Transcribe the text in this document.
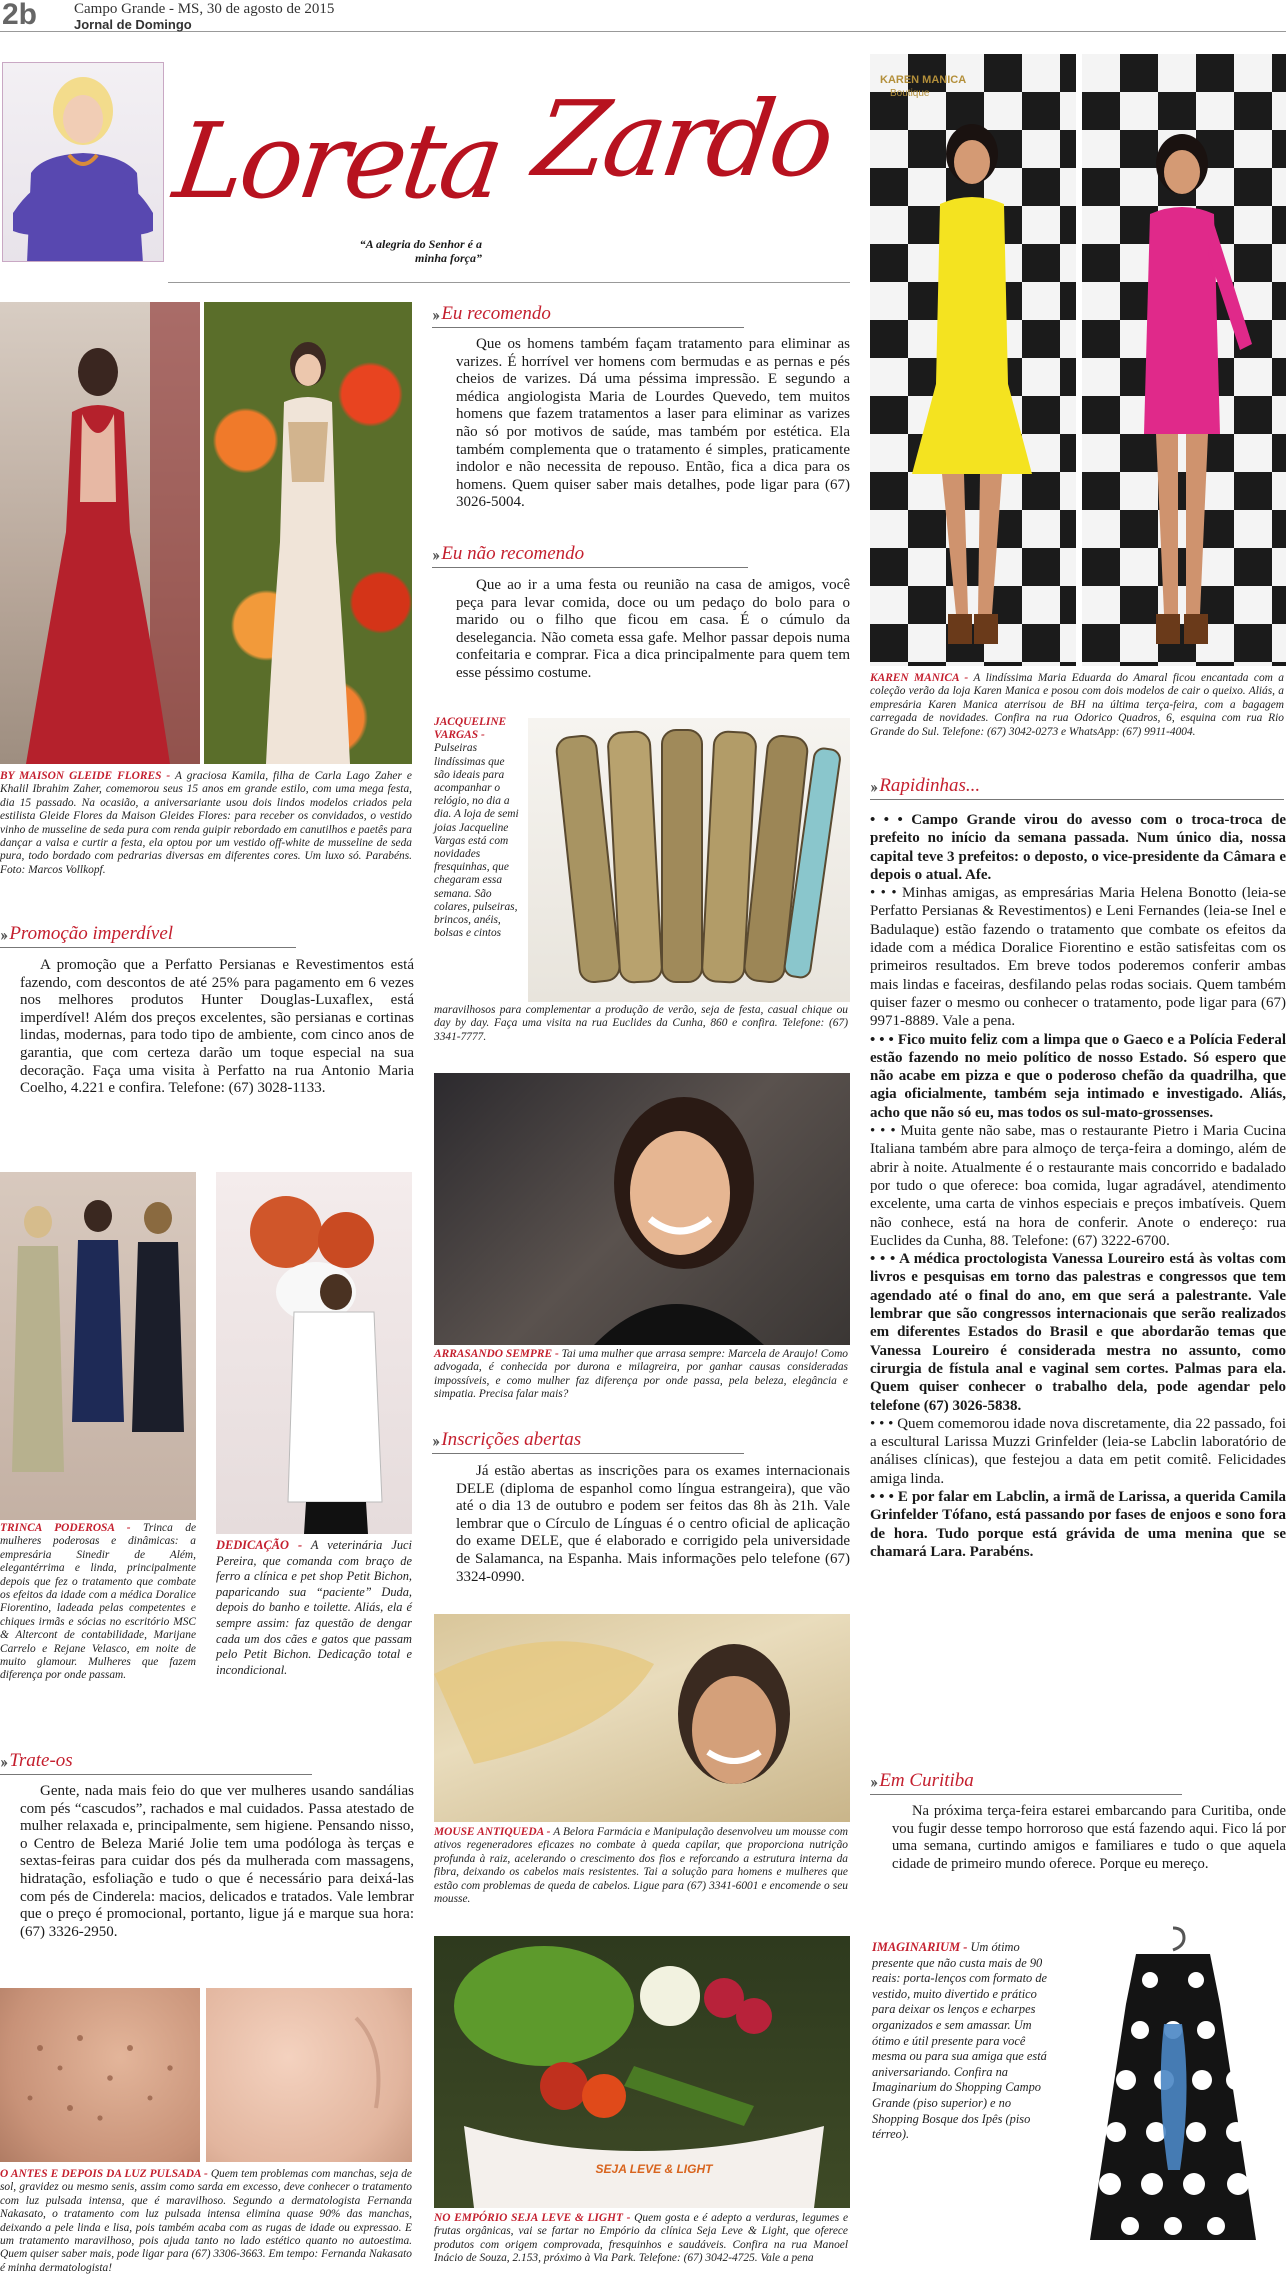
2b Campo Grande - MS, 30 de agosto de 2015
Jornal de Domingo
Loreta Zardo
“A alegria do Senhor é a
minha força”
BY MAISON GLEIDE FLORES - A graciosa Kamila, filha de Carla Lago Zaher e Khalil Ibrahim Zaher, comemorou seus 15 anos em grande estilo, com uma mega festa, dia 15 passado. Na ocasião, a aniversariante usou dois lindos modelos criados pela estilista Gleide Flores da Maison Gleides Flores: para receber os convidados, o vestido vinho de musseline de seda pura com renda guipir rebordado em canutilhos e paetês para dançar a valsa e curtir a festa, ela optou por um vestido off-white de musseline de seda pura, todo bordado com pedrarias diversas em diferentes cores. Um luxo só. Parabéns. Foto: Marcos Vollkopf.
›› Promoção imperdível

A promoção que a Perfatto Persianas e Revestimentos está fazendo, com descontos de até 25% para pagamento em 6 vezes nos melhores produtos Hunter Douglas-Luxaflex, está imperdível! Além dos preços excelentes, são persianas e cortinas lindas, modernas, para todo tipo de ambiente, com cinco anos de garantia, que com certeza darão um toque especial na sua decoração. Faça uma visita à Perfatto na rua Antonio Maria Coelho, 4.221 e confira. Telefone: (67) 3028-1133.

TRINCA PODEROSA - Trinca de mulheres poderosas e dinâmicas: a empresária Sinedir de Além, elegantérrima e linda, principalmente depois que fez o tratamento que combate os efeitos da idade com a médica Doralice Fiorentino, ladeada pelas competentes e chiques irmãs e sócias no escritório MSC & Altercont de contabilidade, Marijane Carrelo e Rejane Velasco, em noite de muito glamour. Mulheres que fazem diferença por onde passam.
DEDICAÇÃO - A veterinária Juci Pereira, que comanda com braço de ferro a clínica e pet shop Petit Bichon, paparicando sua “paciente” Duda, depois do banho e toilette. Aliás, ela é sempre assim: faz questão de dengar cada um dos cães e gatos que passam pelo Petit Bichon. Dedicação total e incondicional.
›› Trate-os

Gente, nada mais feio do que ver mulheres usando sandálias com pés “cascudos”, rachados e mal cuidados. Passa atestado de mulher relaxada e, principalmente, sem higiene. Pensando nisso, o Centro de Beleza Marié Jolie tem uma podóloga às terças e sextas-feiras para cuidar dos pés da mulherada com massagens, hidratação, esfoliação e tudo o que é necessário para deixá-las com pés de Cinderela: macios, delicados e tratados. Vale lembrar que o preço é promocional, portanto, ligue já e marque sua hora: (67) 3326-2950.

O ANTES E DEPOIS DA LUZ PULSADA - Quem tem problemas com manchas, seja de sol, gravidez ou mesmo senis, assim como sarda em excesso, deve conhecer o tratamento com luz pulsada intensa, que é maravilhoso. Segundo a dermatologista Fernanda Nakasato, o tratamento com luz pulsada intensa elimina quase 90% das manchas, deixando a pele linda e lisa, pois também acaba com as rugas de idade ou expressao. E um tratamento maravilhoso, pois ajuda tanto no lado estético quanto no autoestima. Quem quiser saber mais, pode ligar para (67) 3306-3663. Em tempo: Fernanda Nakasato é minha dermatologista!
›› Eu recomendo

Que os homens também façam tratamento para eliminar as varizes. É horrível ver homens com bermudas e as pernas e pés cheios de varizes. Dá uma péssima impressão. E segundo a médica angiologista Maria de Lourdes Quevedo, tem muitos homens que fazem tratamentos a laser para eliminar as varizes não só por motivos de saúde, mas também por estética. Ela também complementa que o tratamento é simples, praticamente indolor e não necessita de repouso. Então, fica a dica para os homens. Quem quiser saber mais detalhes, pode ligar para (67) 3026-5004.

›› Eu não recomendo

Que ao ir a uma festa ou reunião na casa de amigos, você peça para levar comida, doce ou um pedaço do bolo para o marido ou o filho que ficou em casa. É o cúmulo da deselegancia. Não cometa essa gafe. Melhor passar depois numa confeitaria e comprar. Fica a dica principalmente para quem tem esse péssimo costume.

JACQUELINE VARGAS - Pulseiras lindíssimas que são ideais para acompanhar o relógio, no dia a dia. A loja de semi joias Jacqueline Vargas está com novidades fresquinhas, que chegaram essa semana. São colares, pulseiras, brincos, anéis, bolsas e cintos
maravilhosos para complementar a produção de verão, seja de festa, casual chique ou day by day. Faça uma visita na rua Euclides da Cunha, 860 e confira. Telefone: (67) 3341-7777.
ARRASANDO SEMPRE - Tai uma mulher que arrasa sempre: Marcela de Araujo! Como advogada, é conhecida por durona e milagreira, por ganhar causas consideradas impossíveis, e como mulher faz diferença por onde passa, pela beleza, elegância e simpatia. Precisa falar mais?
›› Inscrições abertas

Já estão abertas as inscrições para os exames internacionais DELE (diploma de espanhol como língua estrangeira), que vão até o dia 13 de outubro e podem ser feitos das 8h às 21h. Vale lembrar que o Círculo de Línguas é o centro oficial de aplicação do exame DELE, que é elaborado e corrigido pela universidade de Salamanca, na Espanha. Mais informações pelo telefone (67) 3324-0990.

MOUSE ANTIQUEDA - A Belora Farmácia e Manipulação desenvolveu um mousse com ativos regeneradores eficazes no combate à queda capilar, que proporciona nutrição profunda à raiz, acelerando o crescimento dos fios e reforcando a estrutura interna da fibra, deixando os cabelos mais resistentes. Tai a solução para homens e mulheres que estão com problemas de queda de cabelos. Ligue para (67) 3341-6001 e encomende o seu mousse.
SEJA LEVE & LIGHT
NO EMPÓRIO SEJA LEVE & LIGHT - Quem gosta e é adepto a verduras, legumes e frutas orgânicas, vai se fartar no Empório da clínica Seja Leve & Light, que oferece produtos com origem comprovada, fresquinhos e saudáveis. Confira na rua Manoel Inácio de Souza, 2.153, próximo à Via Park. Telefone: (67) 3042-4725. Vale a pena
KAREN MANICA
Boutique
KAREN MANICA - A lindíssima Maria Eduarda do Amaral ficou encantada com a coleção verão da loja Karen Manica e posou com dois modelos de cair o queixo. Aliás, a empresária Karen Manica aterrisou de BH na última terça-feira, com a bagagem carregada de novidades. Confira na rua Odorico Quadros, 6, esquina com rua Rio Grande do Sul. Telefone: (67) 3042-0273 e WhatsApp: (67) 9911-4004.
›› Rapidinhas...

• • • Campo Grande virou do avesso com o troca-troca de prefeito no início da semana passada. Num único dia, nossa capital teve 3 prefeitos: o deposto, o vice-presidente da Câmara e depois o atual. Afe.

• • • Minhas amigas, as empresárias Maria Helena Bonotto (leia-se Perfatto Persianas & Revestimentos) e Leni Fernandes (leia-se Inel e Badulaque) estão fazendo o tratamento que combate os efeitos da idade com a médica Doralice Fiorentino e estão satisfeitas com os primeiros resultados. Em breve todos poderemos conferir ambas mais lindas e faceiras, desfilando pelas rodas sociais. Quem também quiser fazer o mesmo ou conhecer o tratamento, pode ligar para (67) 9971-8889. Vale a pena.

• • • Fico muito feliz com a limpa que o Gaeco e a Polícia Federal estão fazendo no meio político de nosso Estado. Só espero que não acabe em pizza e que o poderoso chefão da quadrilha, que agia oficialmente, também seja intimado e investigado. Aliás, acho que não só eu, mas todos os sul-mato-grossenses.

• • • Muita gente não sabe, mas o restaurante Pietro i Maria Cucina Italiana também abre para almoço de terça-feira a domingo, além de abrir à noite. Atualmente é o restaurante mais concorrido e badalado por tudo o que oferece: boa comida, lugar agradável, atendimento excelente, uma carta de vinhos especiais e preços imbatíveis. Quem não conhece, está na hora de conferir. Anote o endereço: rua Euclides da Cunha, 88. Telefone: (67) 3222-6700.

• • • A médica proctologista Vanessa Loureiro está às voltas com livros e pesquisas em torno das palestras e congressos que tem agendado até o final do ano, em que será a palestrante. Vale lembrar que são congressos internacionais que serão realizados em diferentes Estados do Brasil e que abordarão temas que Vanessa Loureiro é considerada mestra no assunto, como cirurgia de fístula anal e vaginal sem cortes. Palmas para ela. Quem quiser conhecer o trabalho dela, pode agendar pelo telefone (67) 3026-5838.

• • • Quem comemorou idade nova discretamente, dia 22 passado, foi a escultural Larissa Muzzi Grinfelder (leia-se Labclin laboratório de análises clínicas), que festejou a data em petit comitê. Felicidades amiga linda.

• • • E por falar em Labclin, a irmã de Larissa, a querida Camila Grinfelder Tófano, está passando por fases de enjoos e sono fora de hora. Tudo porque está grávida de uma menina que se chamará Lara. Parabéns.

›› Em Curitiba

Na próxima terça-feira estarei embarcando para Curitiba, onde vou fugir desse tempo horroroso que está fazendo aqui. Fico lá por uma semana, curtindo amigos e familiares e tudo o que aquela cidade de primeiro mundo oferece. Porque eu mereço.

IMAGINARIUM - Um ótimo presente que não custa mais de 90 reais: porta-lenços com formato de vestido, muito divertido e prático para deixar os lenços e echarpes organizados e sem amassar. Um ótimo e útil presente para você mesma ou para sua amiga que está aniversariando. Confira na Imaginarium do Shopping Campo Grande (piso superior) e no Shopping Bosque dos Ipês (piso térreo).
